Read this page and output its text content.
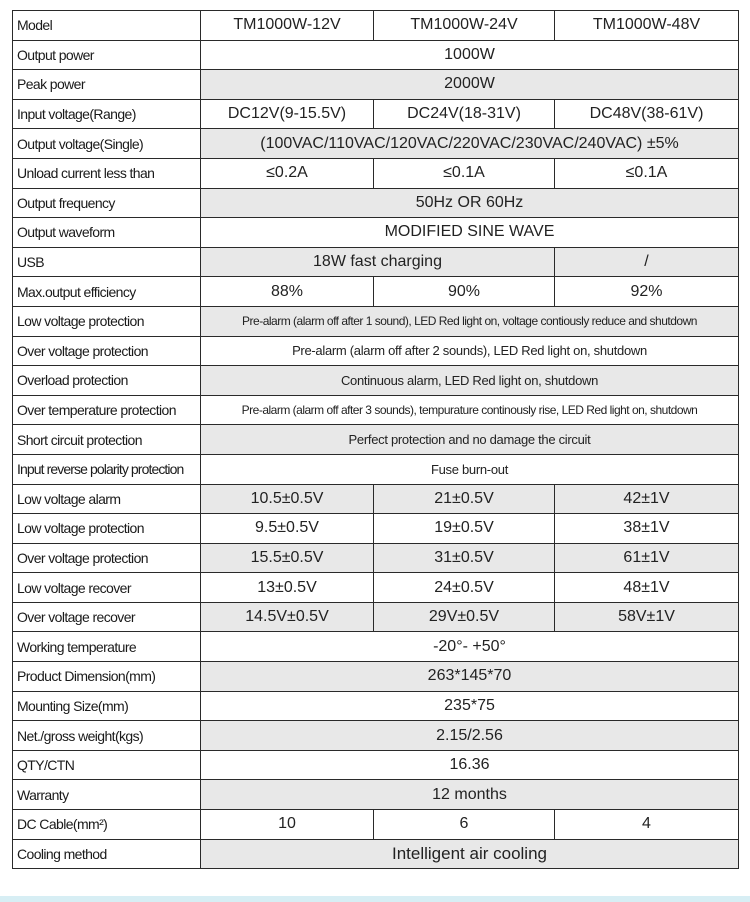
Model	TM1000W-12V	TM1000W-24V	TM1000W-48V
Output power	1000W		
Peak power	2000W		
Input voltage(Range)	DC12V(9-15.5V)	DC24V(18-31V)	DC48V(38-61V)
Output voltage(Single)	(100VAC/110VAC/120VAC/220VAC/230VAC/240VAC) ±5%		
Unload current less than	≤0.2A	≤0.1A	≤0.1A
Output frequency	50Hz OR 60Hz		
Output waveform	MODIFIED SINE WAVE		
USB	18W fast charging		/
Max.output efficiency	88%	90%	92%
Low voltage protection	Pre-alarm (alarm off after 1 sound), LED Red light on, voltage contiously reduce and shutdown		
Over voltage protection	Pre-alarm (alarm off after 2 sounds), LED Red light on, shutdown		
Overload protection	Continuous alarm, LED Red light on, shutdown		
Over temperature protection	Pre-alarm (alarm off after 3 sounds), tempurature continously rise, LED Red light on, shutdown		
Short circuit protection	Perfect protection and no damage the circuit		
Input reverse polarity protection	Fuse burn-out		
Low voltage alarm	10.5±0.5V	21±0.5V	42±1V
Low voltage protection	9.5±0.5V	19±0.5V	38±1V
Over voltage protection	15.5±0.5V	31±0.5V	61±1V
Low voltage recover	13±0.5V	24±0.5V	48±1V
Over voltage recover	14.5V±0.5V	29V±0.5V	58V±1V
Working temperature	-20°- +50°		
Product Dimension(mm)	263*145*70		
Mounting Size(mm)	235*75		
Net./gross weight(kgs)	2.15/2.56		
QTY/CTN	16.36		
Warranty	12 months		
DC Cable(mm²)	10	6	4
Cooling method	Intelligent air cooling		
